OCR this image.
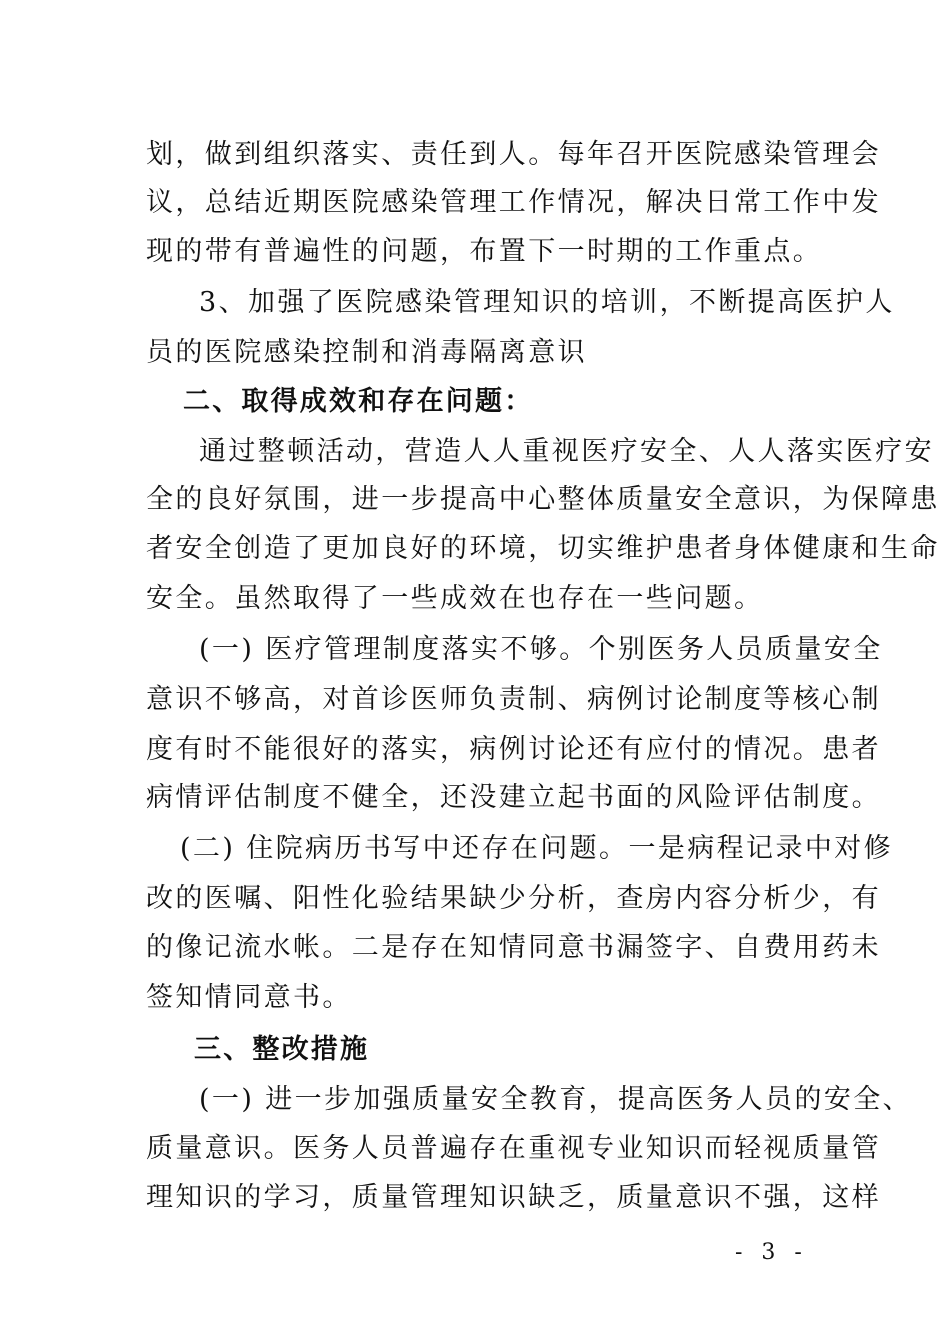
划，做到组织落实、责任到人。每年召开医院感染管理会
议，总结近期医院感染管理工作情况，解决日常工作中发
现的带有普遍性的问题，布置下一时期的工作重点。
3、加强了医院感染管理知识的培训，不断提高医护人
员的医院感染控制和消毒隔离意识
二、取得成效和存在问题：
通过整顿活动，营造人人重视医疗安全、人人落实医疗安
全的良好氛围，进一步提高中心整体质量安全意识，为保障患
者安全创造了更加良好的环境，切实维护患者身体健康和生命
安全。虽然取得了一些成效在也存在一些问题。
(一) 医疗管理制度落实不够。个别医务人员质量安全
意识不够高，对首诊医师负责制、病例讨论制度等核心制
度有时不能很好的落实，病例讨论还有应付的情况。患者
病情评估制度不健全，还没建立起书面的风险评估制度。
(二) 住院病历书写中还存在问题。一是病程记录中对修
改的医嘱、阳性化验结果缺少分析，查房内容分析少，有
的像记流水帐。二是存在知情同意书漏签字、自费用药未
签知情同意书。
三、整改措施
(一) 进一步加强质量安全教育，提高医务人员的安全、
质量意识。医务人员普遍存在重视专业知识而轻视质量管
理知识的学习，质量管理知识缺乏，质量意识不强，这样
- 3 -
